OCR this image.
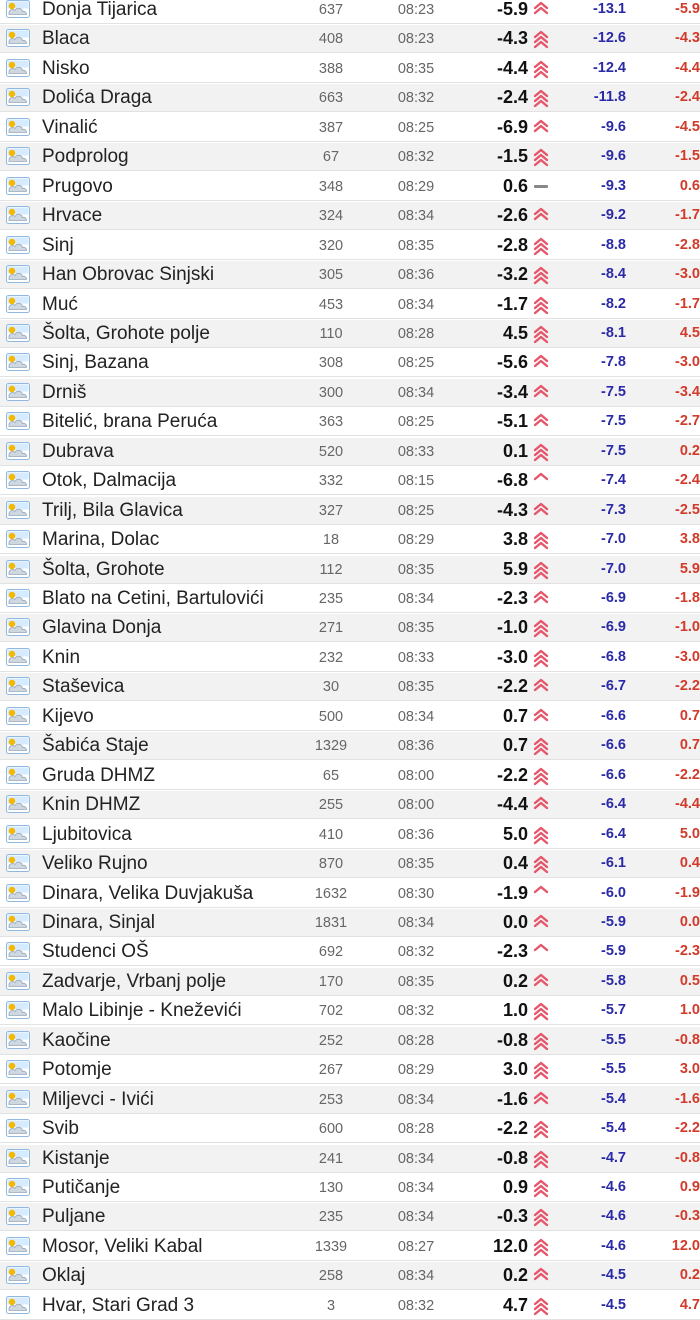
Donja Tijarica	637	08:23	-5.9	-13.1	-5.9
Blaca	408	08:23	-4.3	-12.6	-4.3
Nisko	388	08:35	-4.4	-12.4	-4.4
Dolića Draga	663	08:32	-2.4	-11.8	-2.4
Vinalić	387	08:25	-6.9	-9.6	-4.5
Podprolog	67	08:32	-1.5	-9.6	-1.5
Prugovo	348	08:29	0.6	-9.3	0.6
Hrvace	324	08:34	-2.6	-9.2	-1.7
Sinj	320	08:35	-2.8	-8.8	-2.8
Han Obrovac Sinjski	305	08:36	-3.2	-8.4	-3.0
Muć	453	08:34	-1.7	-8.2	-1.7
Šolta, Grohote polje	110	08:28	4.5	-8.1	4.5
Sinj, Bazana	308	08:25	-5.6	-7.8	-3.0
Drniš	300	08:34	-3.4	-7.5	-3.4
Bitelić, brana Peruća	363	08:25	-5.1	-7.5	-2.7
Dubrava	520	08:33	0.1	-7.5	0.2
Otok, Dalmacija	332	08:15	-6.8	-7.4	-2.4
Trilj, Bila Glavica	327	08:25	-4.3	-7.3	-2.5
Marina, Dolac	18	08:29	3.8	-7.0	3.8
Šolta, Grohote	112	08:35	5.9	-7.0	5.9
Blato na Cetini, Bartulovići	235	08:34	-2.3	-6.9	-1.8
Glavina Donja	271	08:35	-1.0	-6.9	-1.0
Knin	232	08:33	-3.0	-6.8	-3.0
Staševica	30	08:35	-2.2	-6.7	-2.2
Kijevo	500	08:34	0.7	-6.6	0.7
Šabića Staje	1329	08:36	0.7	-6.6	0.7
Gruda DHMZ	65	08:00	-2.2	-6.6	-2.2
Knin DHMZ	255	08:00	-4.4	-6.4	-4.4
Ljubitovica	410	08:36	5.0	-6.4	5.0
Veliko Rujno	870	08:35	0.4	-6.1	0.4
Dinara, Velika Duvjakuša	1632	08:30	-1.9	-6.0	-1.9
Dinara, Sinjal	1831	08:34	0.0	-5.9	0.0
Studenci OŠ	692	08:32	-2.3	-5.9	-2.3
Zadvarje, Vrbanj polje	170	08:35	0.2	-5.8	0.5
Malo Libinje - Kneževići	702	08:32	1.0	-5.7	1.0
Kaočine	252	08:28	-0.8	-5.5	-0.8
Potomje	267	08:29	3.0	-5.5	3.0
Miljevci - Ivići	253	08:34	-1.6	-5.4	-1.6
Svib	600	08:28	-2.2	-5.4	-2.2
Kistanje	241	08:34	-0.8	-4.7	-0.8
Putičanje	130	08:34	0.9	-4.6	0.9
Puljane	235	08:34	-0.3	-4.6	-0.3
Mosor, Veliki Kabal	1339	08:27	12.0	-4.6	12.0
Oklaj	258	08:34	0.2	-4.5	0.2
Hvar, Stari Grad 3	3	08:32	4.7	-4.5	4.7
